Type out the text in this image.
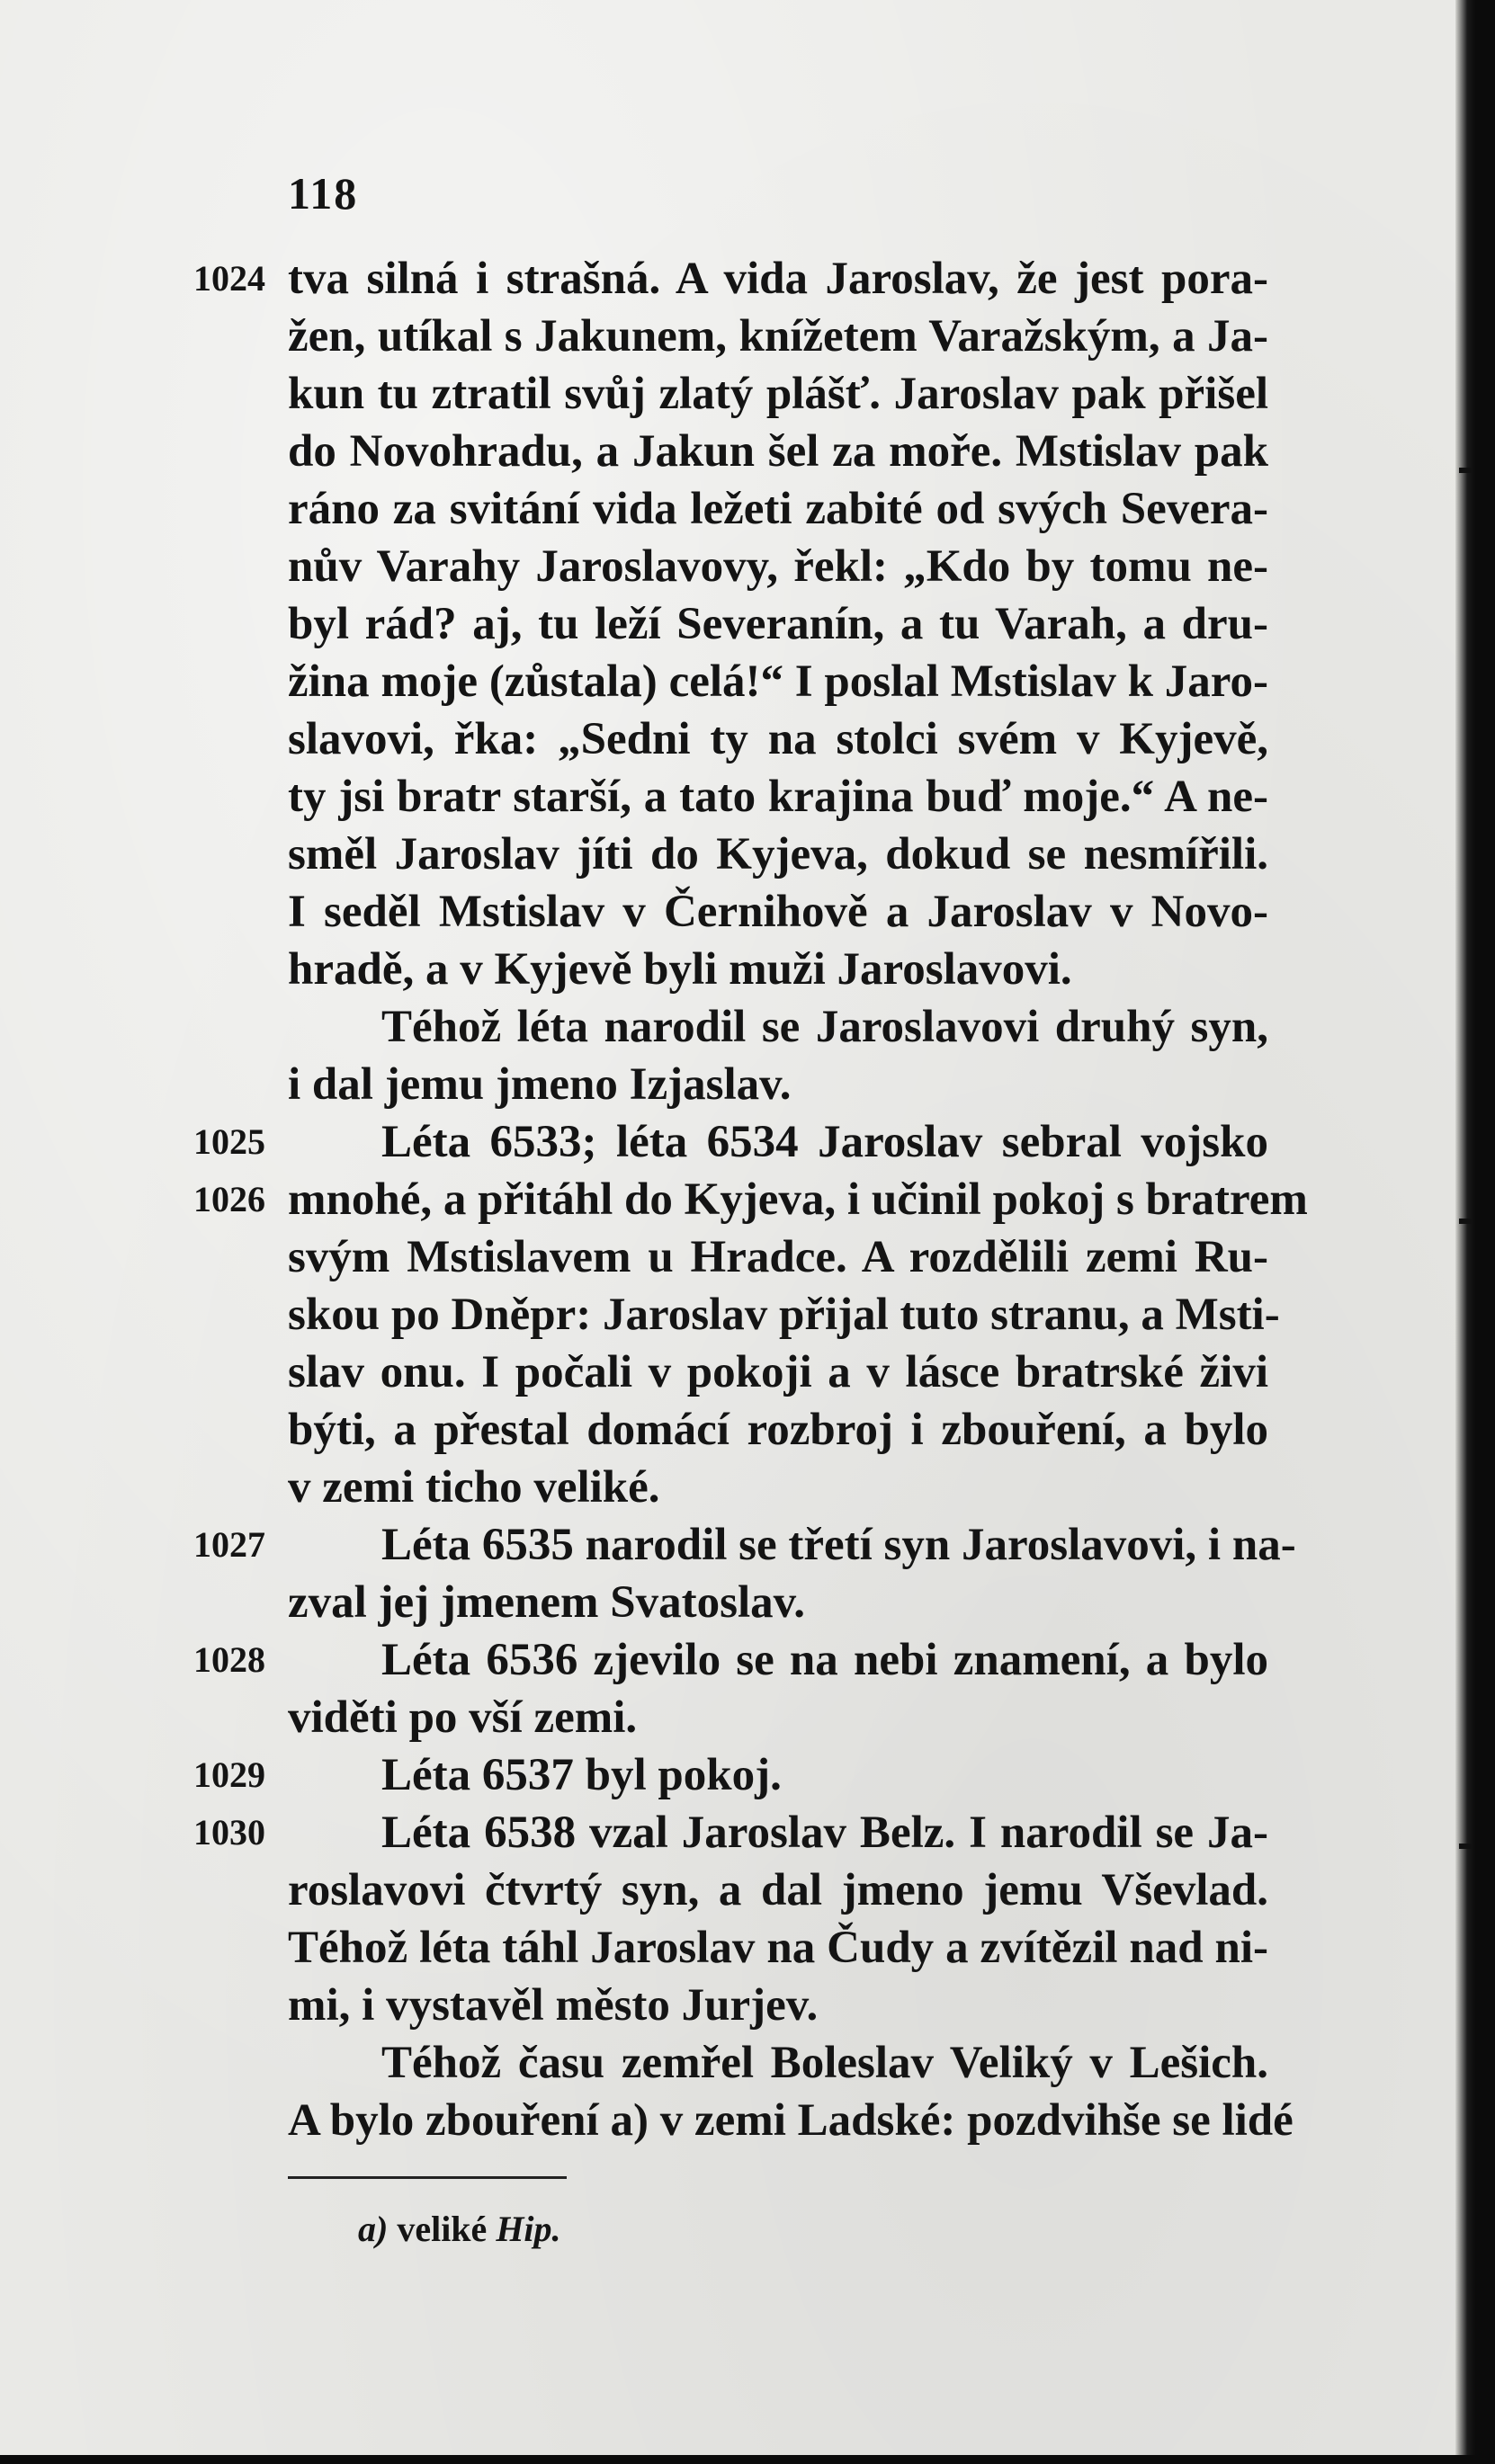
118
1024 tva silná i strašná. A vida Jaroslav, že jest pora-
žen, utíkal s Jakunem, knížetem Varažským, a Ja-
kun tu ztratil svůj zlatý plášť. Jaroslav pak přišel
do Novohradu, a Jakun šel za moře. Mstislav pak
ráno za svitání vida ležeti zabité od svých Severa-
nův Varahy Jaroslavovy, řekl: „Kdo by tomu ne-
byl rád? aj, tu leží Severanín, a tu Varah, a dru-
žina moje (zůstala) celá!“ I poslal Mstislav k Jaro-
slavovi, řka: „Sedni ty na stolci svém v Kyjevě,
ty jsi bratr starší, a tato krajina buď moje.“ A ne-
směl Jaroslav jíti do Kyjeva, dokud se nesmířili.
I seděl Mstislav v Černihově a Jaroslav v Novo-
hradě, a v Kyjevě byli muži Jaroslavovi.
Téhož léta narodil se Jaroslavovi druhý syn,
i dal jemu jmeno Izjaslav.
1025	Léta 6533; léta 6534 Jaroslav sebral vojsko
1026 mnohé, a přitáhl do Kyjeva, i učinil pokoj s bratrem
svým Mstislavem u Hradce. A rozdělili zemi Ru-
skou po Dněpr: Jaroslav přijal tuto stranu, a Msti-
slav onu. I počali v pokoji a v lásce bratrské živi
býti, a přestal domácí rozbroj i zbouření, a bylo
v zemi ticho veliké.
1027	Léta 6535 narodil se třetí syn Jaroslavovi, i na-
zval jej jmenem Svatoslav.
1028	Léta 6536 zjevilo se na nebi znamení, a bylo
viděti po vší zemi.
1029	Léta 6537 byl pokoj.
1030	Léta 6538 vzal Jaroslav Belz. I narodil se Ja-
roslavovi čtvrtý syn, a dal jmeno jemu Vševlad.
Téhož léta táhl Jaroslav na Čudy a zvítězil nad ni-
mi, i vystavěl město Jurjev.
Téhož času zemřel Boleslav Veliký v Lešich.
A bylo zbouření a) v zemi Ladské: pozdvihše se lidé
a) veliké Hip.
